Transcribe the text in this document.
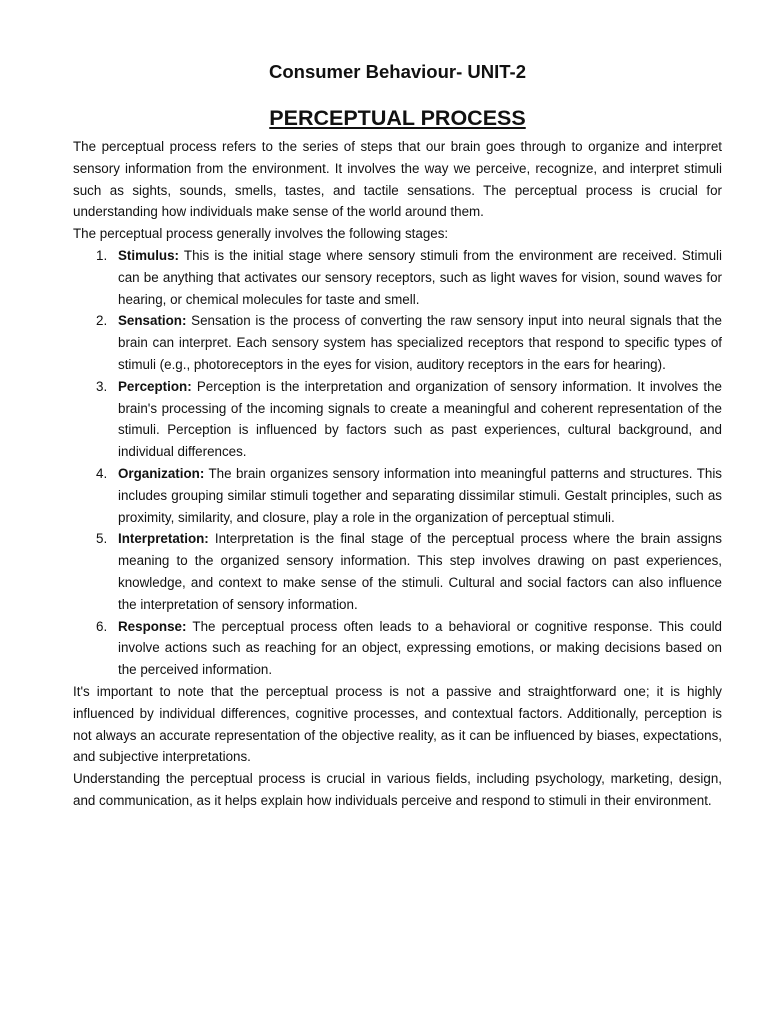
Consumer Behaviour- UNIT-2
PERCEPTUAL PROCESS

The perceptual process refers to the series of steps that our brain goes through to organize and interpret sensory information from the environment. It involves the way we perceive, recognize, and interpret stimuli such as sights, sounds, smells, tastes, and tactile sensations. The perceptual process is crucial for understanding how individuals make sense of the world around them.

The perceptual process generally involves the following stages:

1. Stimulus: This is the initial stage where sensory stimuli from the environment are received. Stimuli can be anything that activates our sensory receptors, such as light waves for vision, sound waves for hearing, or chemical molecules for taste and smell.
2. Sensation: Sensation is the process of converting the raw sensory input into neural signals that the brain can interpret. Each sensory system has specialized receptors that respond to specific types of stimuli (e.g., photoreceptors in the eyes for vision, auditory receptors in the ears for hearing).
3. Perception: Perception is the interpretation and organization of sensory information. It involves the brain's processing of the incoming signals to create a meaningful and coherent representation of the stimuli. Perception is influenced by factors such as past experiences, cultural background, and individual differences.
4. Organization: The brain organizes sensory information into meaningful patterns and structures. This includes grouping similar stimuli together and separating dissimilar stimuli. Gestalt principles, such as proximity, similarity, and closure, play a role in the organization of perceptual stimuli.
5. Interpretation: Interpretation is the final stage of the perceptual process where the brain assigns meaning to the organized sensory information. This step involves drawing on past experiences, knowledge, and context to make sense of the stimuli. Cultural and social factors can also influence the interpretation of sensory information.
6. Response: The perceptual process often leads to a behavioral or cognitive response. This could involve actions such as reaching for an object, expressing emotions, or making decisions based on the perceived information.

It's important to note that the perceptual process is not a passive and straightforward one; it is highly influenced by individual differences, cognitive processes, and contextual factors. Additionally, perception is not always an accurate representation of the objective reality, as it can be influenced by biases, expectations, and subjective interpretations.

Understanding the perceptual process is crucial in various fields, including psychology, marketing, design, and communication, as it helps explain how individuals perceive and respond to stimuli in their environment.
